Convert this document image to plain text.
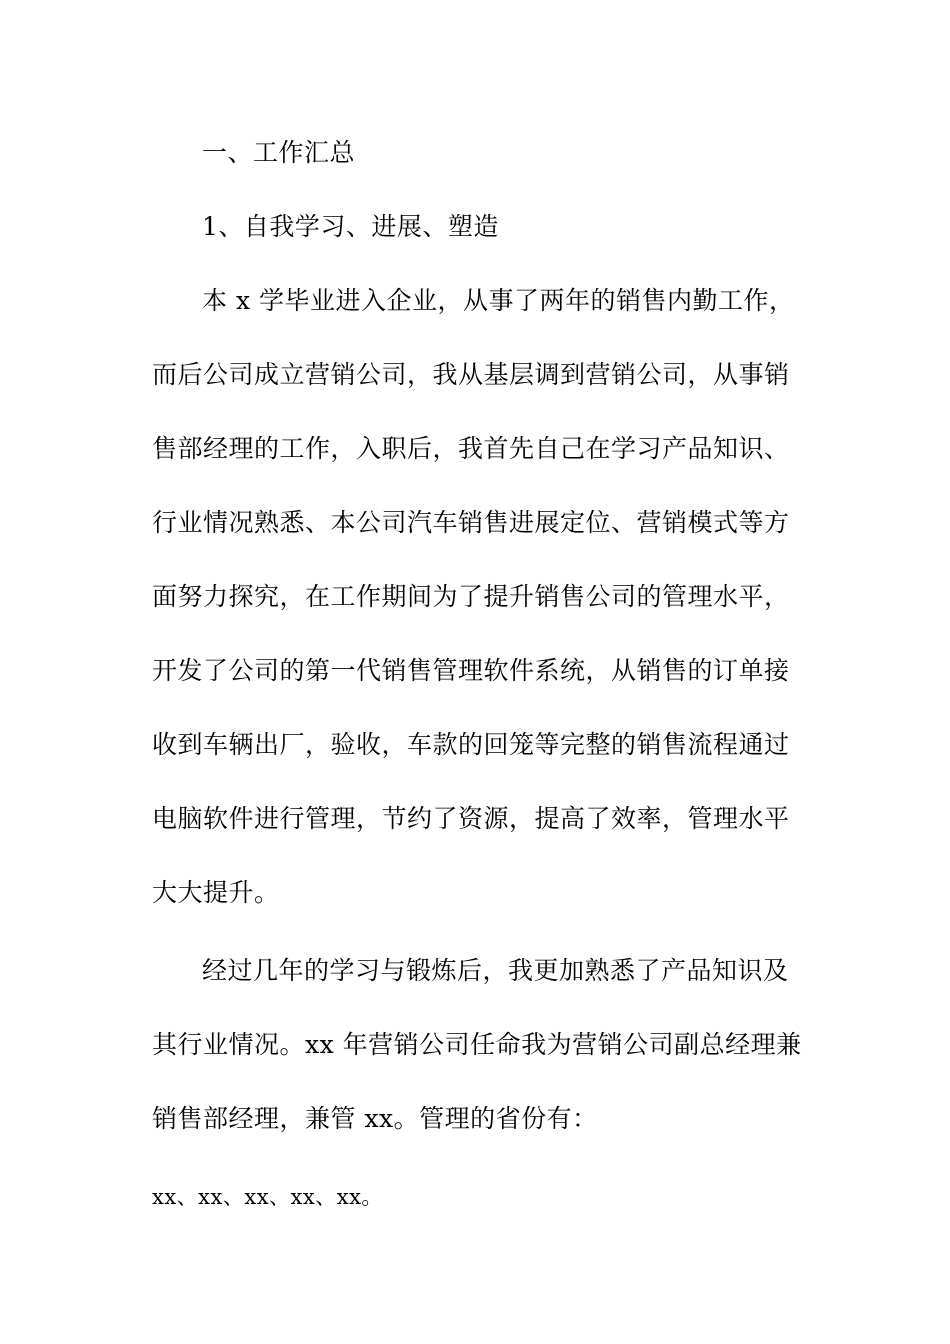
一、工作汇总
1、自我学习、进展、塑造
本 x 学毕业进入企业，从事了两年的销售内勤工作，
而后公司成立营销公司，我从基层调到营销公司，从事销
售部经理的工作，入职后，我首先自己在学习产品知识、
行业情况熟悉、本公司汽车销售进展定位、营销模式等方
面努力探究，在工作期间为了提升销售公司的管理水平，
开发了公司的第一代销售管理软件系统，从销售的订单接
收到车辆出厂，验收，车款的回笼等完整的销售流程通过
电脑软件进行管理，节约了资源，提高了效率，管理水平
大大提升。
经过几年的学习与锻炼后，我更加熟悉了产品知识及
其行业情况。xx 年营销公司任命我为营销公司副总经理兼
销售部经理，兼管 xx。管理的省份有：
xx、xx、xx、xx、xx。
